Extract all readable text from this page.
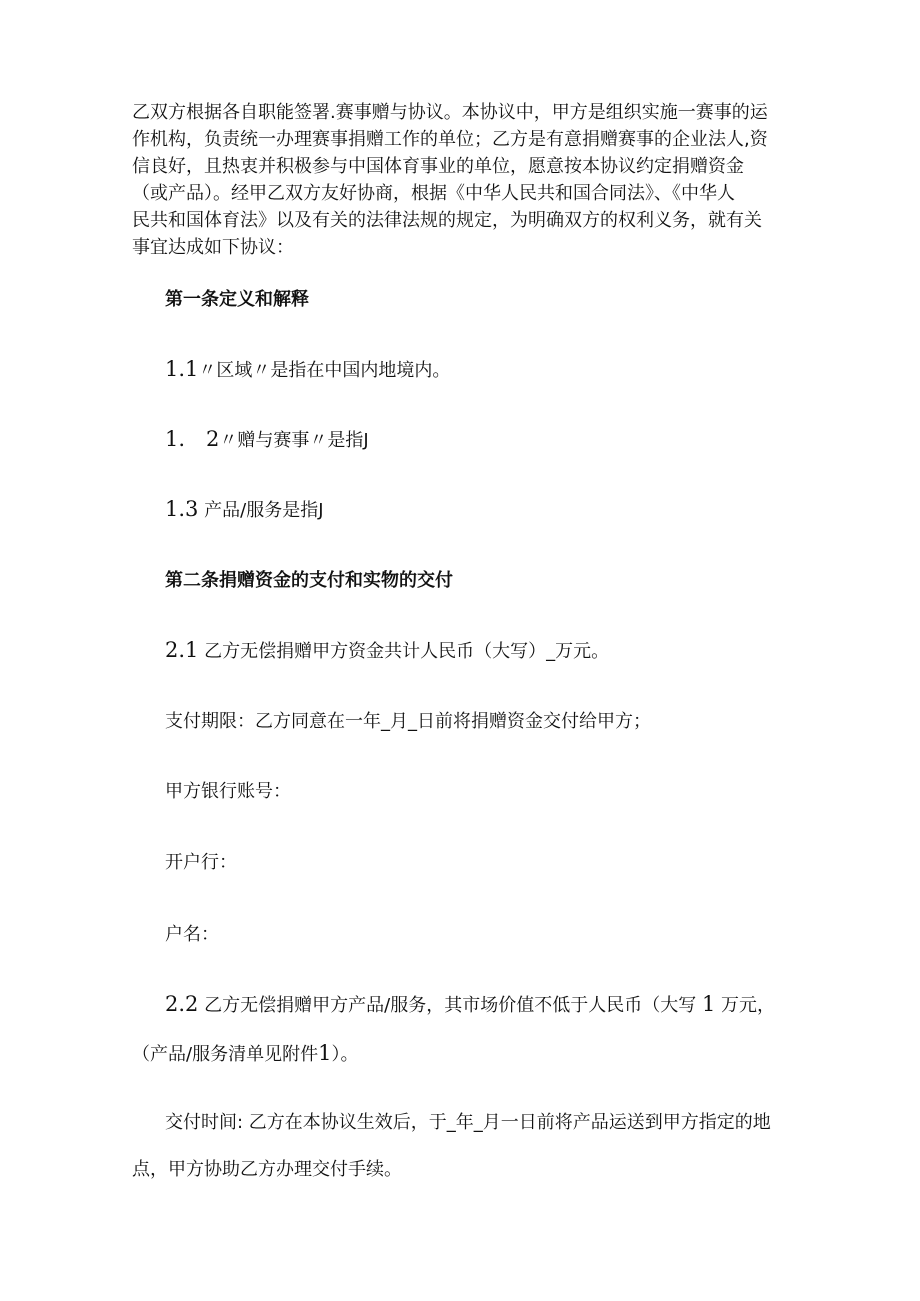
乙双方根据各自职能签署.赛事赠与协议。本协议中，甲方是组织实施一赛事的运
作机构，负责统一办理赛事捐赠工作的单位；乙方是有意捐赠赛事的企业法人,资
信良好，且热衷并积极参与中国体育事业的单位，愿意按本协议约定捐赠资金
（或产品）。经甲乙双方友好协商，根据《中华人民共和国合同法》、《中华人
民共和国体育法》以及有关的法律法规的规定，为明确双方的权利义务，就有关
事宜达成如下协议：
第一条定义和解释
1.1〃区域〃是指在中国内地境内。
1.　2〃赠与赛事〃是指J
1.3 产品/服务是指J
第二条捐赠资金的支付和实物的交付
2.1 乙方无偿捐赠甲方资金共计人民币（大写）_万元。
支付期限：乙方同意在一年_月_日前将捐赠资金交付给甲方；
甲方银行账号：
开户行：
户名：
2.2 乙方无偿捐赠甲方产品/服务，其市场价值不低于人民币（大写 1 万元，
（产品/服务清单见附件1）。
交付时间: 乙方在本协议生效后，于_年_月一日前将产品运送到甲方指定的地
点，甲方协助乙方办理交付手续。
